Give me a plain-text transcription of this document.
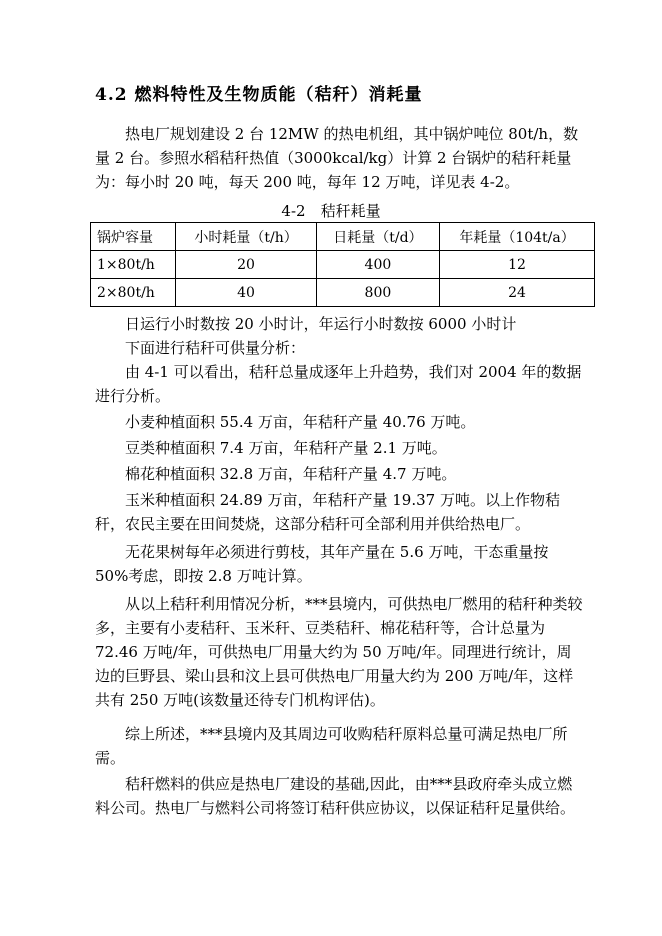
4.2 燃料特性及生物质能（秸秆）消耗量

热电厂规划建设 2 台 12MW 的热电机组，其中锅炉吨位 80t/h，数量 2 台。参照水稻秸秆热值（3000kcal/kg）计算 2 台锅炉的秸秆耗量为：每小时 20 吨，每天 200 吨，每年 12 万吨，详见表 4-2。

4-2　秸秆耗量
锅炉容量	小时耗量（t/h）	日耗量（t/d）	年耗量（104t/a）
1×80t/h	20	400	12
2×80t/h	40	800	24
日运行小时数按 20 小时计，年运行小时数按 6000 小时计
下面进行秸秆可供量分析：

由 4-1 可以看出，秸秆总量成逐年上升趋势，我们对 2004 年的数据进行分析。

小麦种植面积 55.4 万亩，年秸秆产量 40.76 万吨。
豆类种植面积 7.4 万亩，年秸秆产量 2.1 万吨。
棉花种植面积 32.8 万亩，年秸秆产量 4.7 万吨。

玉米种植面积 24.89 万亩，年秸秆产量 19.37 万吨。以上作物秸秆，农民主要在田间焚烧，这部分秸秆可全部利用并供给热电厂。

无花果树每年必须进行剪枝，其年产量在 5.6 万吨，干态重量按 50%考虑，即按 2.8 万吨计算。

从以上秸秆利用情况分析，***县境内，可供热电厂燃用的秸秆种类较多，主要有小麦秸秆、玉米秆、豆类秸秆、棉花秸秆等，合计总量为 72.46 万吨/年，可供热电厂用量大约为 50 万吨/年。同理进行统计，周边的巨野县、梁山县和汶上县可供热电厂用量大约为 200 万吨/年，这样共有 250 万吨(该数量还待专门机构评估)。

综上所述，***县境内及其周边可收购秸秆原料总量可满足热电厂所需。

秸秆燃料的供应是热电厂建设的基础,因此，由***县政府牵头成立燃料公司。热电厂与燃料公司将签订秸秆供应协议，以保证秸秆足量供给。
